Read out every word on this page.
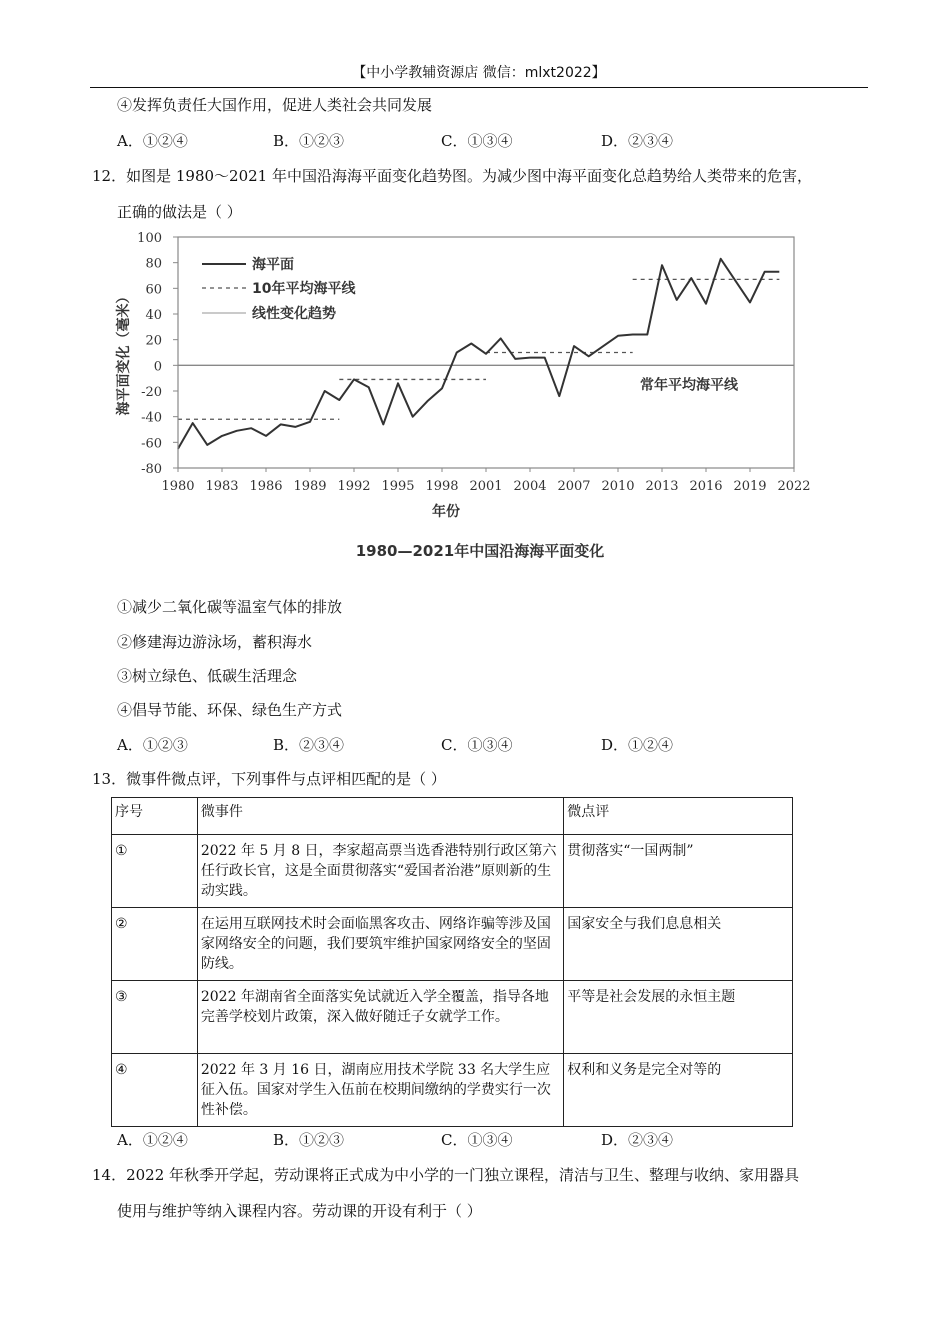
【中小学教辅资源店 微信：mlxt2022】
④发挥负责任大国作用，促进人类社会共同发展
A．①②④	B．①②③	C．①③④	D．②③④
12．如图是 1980～2021 年中国沿海海平面变化趋势图。为减少图中海平面变化总趋势给人类带来的危害，
正确的做法是（ ）
-80
-60
-40
-20
0
20
40
60
80
100
1980 1983 1986 1989 1992 1995 1998 2001 2004 2007 2010 2013 2016 2019 2022
海平面
10年平均海平线
线性变化趋势
海平面变化（毫米）
年份
常年平均海平线
1980—2021年中国沿海海平面变化
①减少二氧化碳等温室气体的排放
②修建海边游泳场，蓄积海水
③树立绿色、低碳生活理念
④倡导节能、环保、绿色生产方式
A．①②③	B．②③④	C．①③④	D．①②④
13．微事件微点评，下列事件与点评相匹配的是（ ）
序号	微事件	微点评
①	2022 年 5 月 8 日，李家超高票当选香港特别行政区第六任行政长官，这是全面贯彻落实“爱国者治港”原则新的生动实践。	贯彻落实“一国两制”
②	在运用互联网技术时会面临黑客攻击、网络诈骗等涉及国家网络安全的问题，我们要筑牢维护国家网络安全的坚固防线。	国家安全与我们息息相关
③	2022 年湖南省全面落实免试就近入学全覆盖，指导各地完善学校划片政策，深入做好随迁子女就学工作。	平等是社会发展的永恒主题
④	2022 年 3 月 16 日，湖南应用技术学院 33 名大学生应征入伍。国家对学生入伍前在校期间缴纳的学费实行一次性补偿。	权利和义务是完全对等的
A．①②④	B．①②③	C．①③④	D．②③④
14．2022 年秋季开学起，劳动课将正式成为中小学的一门独立课程，清洁与卫生、整理与收纳、家用器具
使用与维护等纳入课程内容。劳动课的开设有利于（ ）
